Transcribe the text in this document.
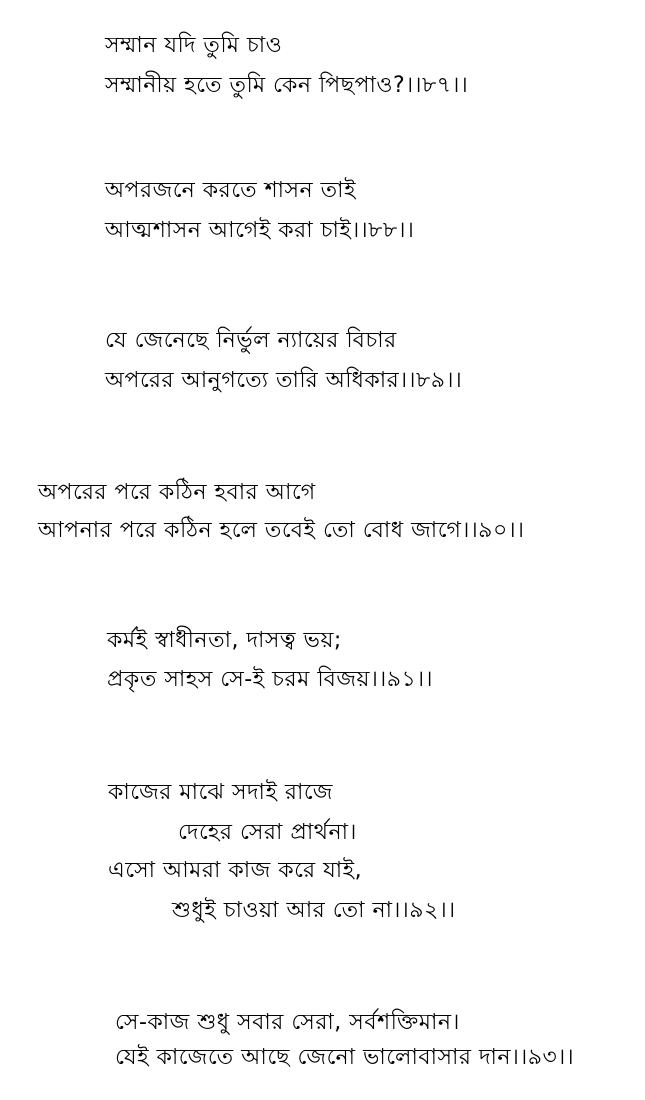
সম্মান যদি তুমি চাও
সম্মানীয় হতে তুমি কেন পিছপাও?।।৮৭।।
অপরজনে করতে শাসন তাই
আত্মশাসন আগেই করা চাই।।৮৮।।
যে জেনেছে নির্ভুল ন্যায়ের বিচার
অপরের আনুগত্যে তারি অধিকার।।৮৯।।
অপরের পরে কঠিন হবার আগে
আপনার পরে কঠিন হলে তবেই তো বোধ জাগে।।৯০।।
কর্মই স্বাধীনতা, দাসত্ব ভয়;
প্রকৃত সাহস সে-ই চরম বিজয়।।৯১।।
কাজের মাঝে সদাই রাজে
দেহের সেরা প্রার্থনা।
এসো আমরা কাজ করে যাই,
শুধুই চাওয়া আর তো না।।৯২।।
সে-কাজ শুধু সবার সেরা, সর্বশক্তিমান।
যেই কাজেতে আছে জেনো ভালোবাসার দান।।৯৩।।
